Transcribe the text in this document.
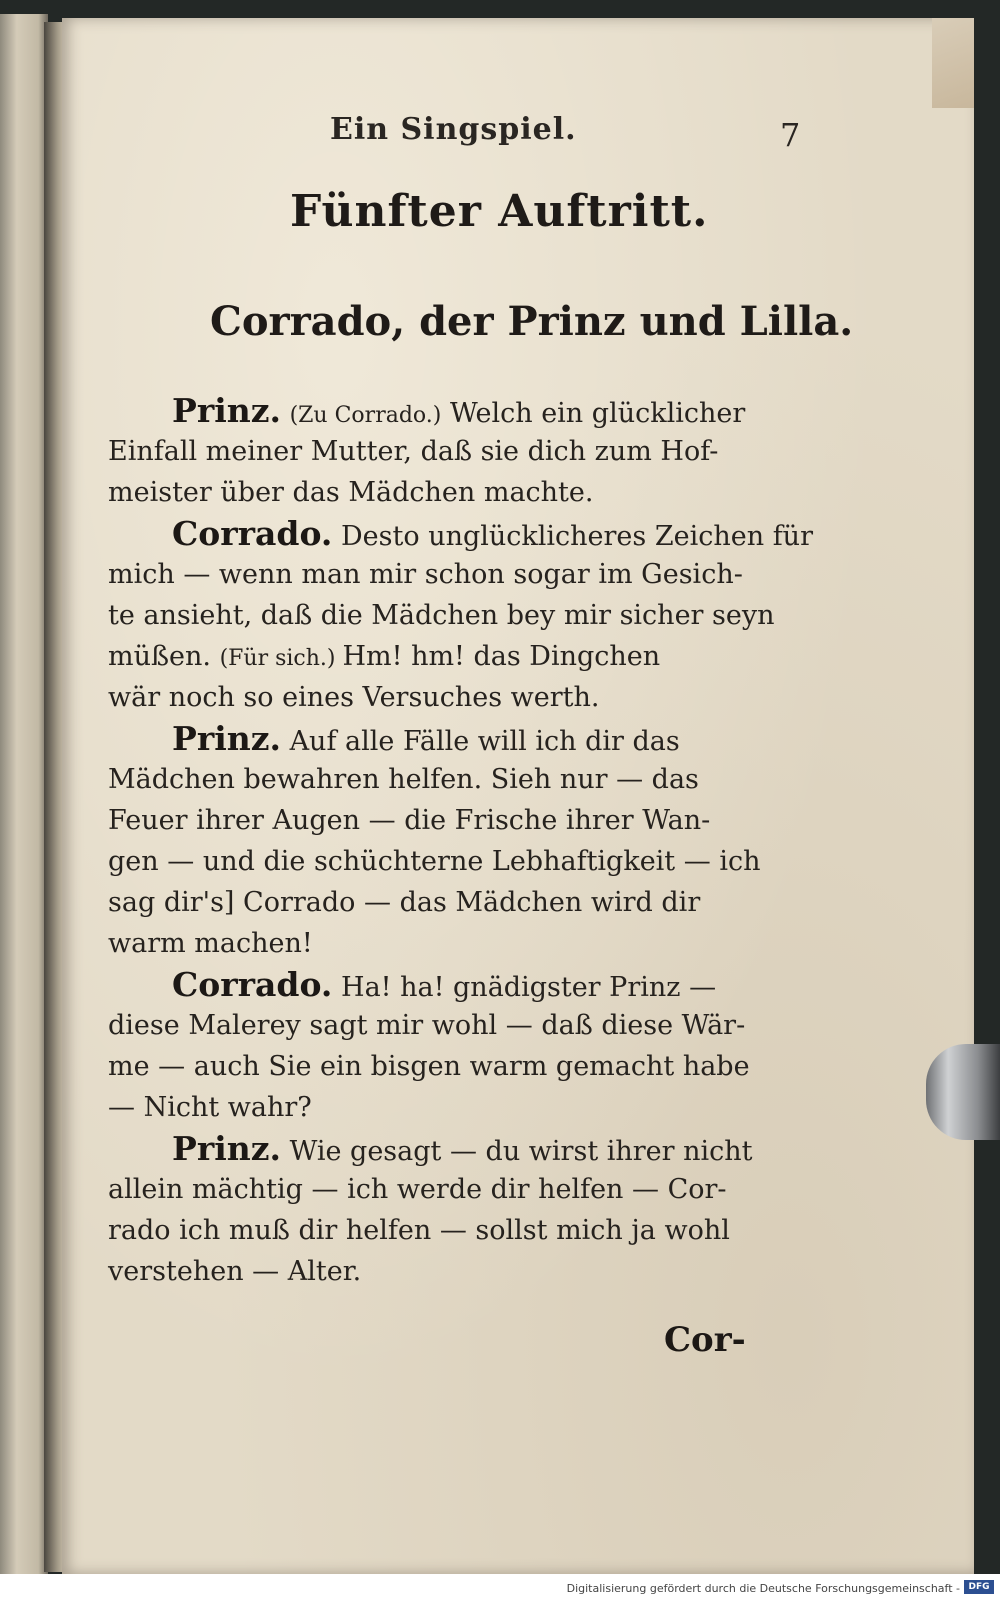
Ein Singspiel.	7
Fünfter Auftritt.
Corrado, der Prinz und Lilla.
Prinz. (Zu Corrado.) Welch ein glücklicher
Einfall meiner Mutter, daß sie dich zum Hof-
meister über das Mädchen machte.
Corrado. Desto unglücklicheres Zeichen für
mich — wenn man mir schon sogar im Gesich-
te ansieht, daß die Mädchen bey mir sicher seyn
müßen. (Für sich.) Hm! hm! das Dingchen
wär noch so eines Versuches werth.
Prinz. Auf alle Fälle will ich dir das
Mädchen bewahren helfen. Sieh nur — das
Feuer ihrer Augen — die Frische ihrer Wan-
gen — und die schüchterne Lebhaftigkeit — ich
sag dir's] Corrado — das Mädchen wird dir
warm machen!
Corrado. Ha! ha! gnädigster Prinz —
diese Malerey sagt mir wohl — daß diese Wär-
me — auch Sie ein bisgen warm gemacht habe
— Nicht wahr?
Prinz. Wie gesagt — du wirst ihrer nicht
allein mächtig — ich werde dir helfen — Cor-
rado ich muß dir helfen — sollst mich ja wohl
verstehen — Alter.
Cor-
Digitalisierung gefördert durch die Deutsche Forschungsgemeinschaft - DFG
